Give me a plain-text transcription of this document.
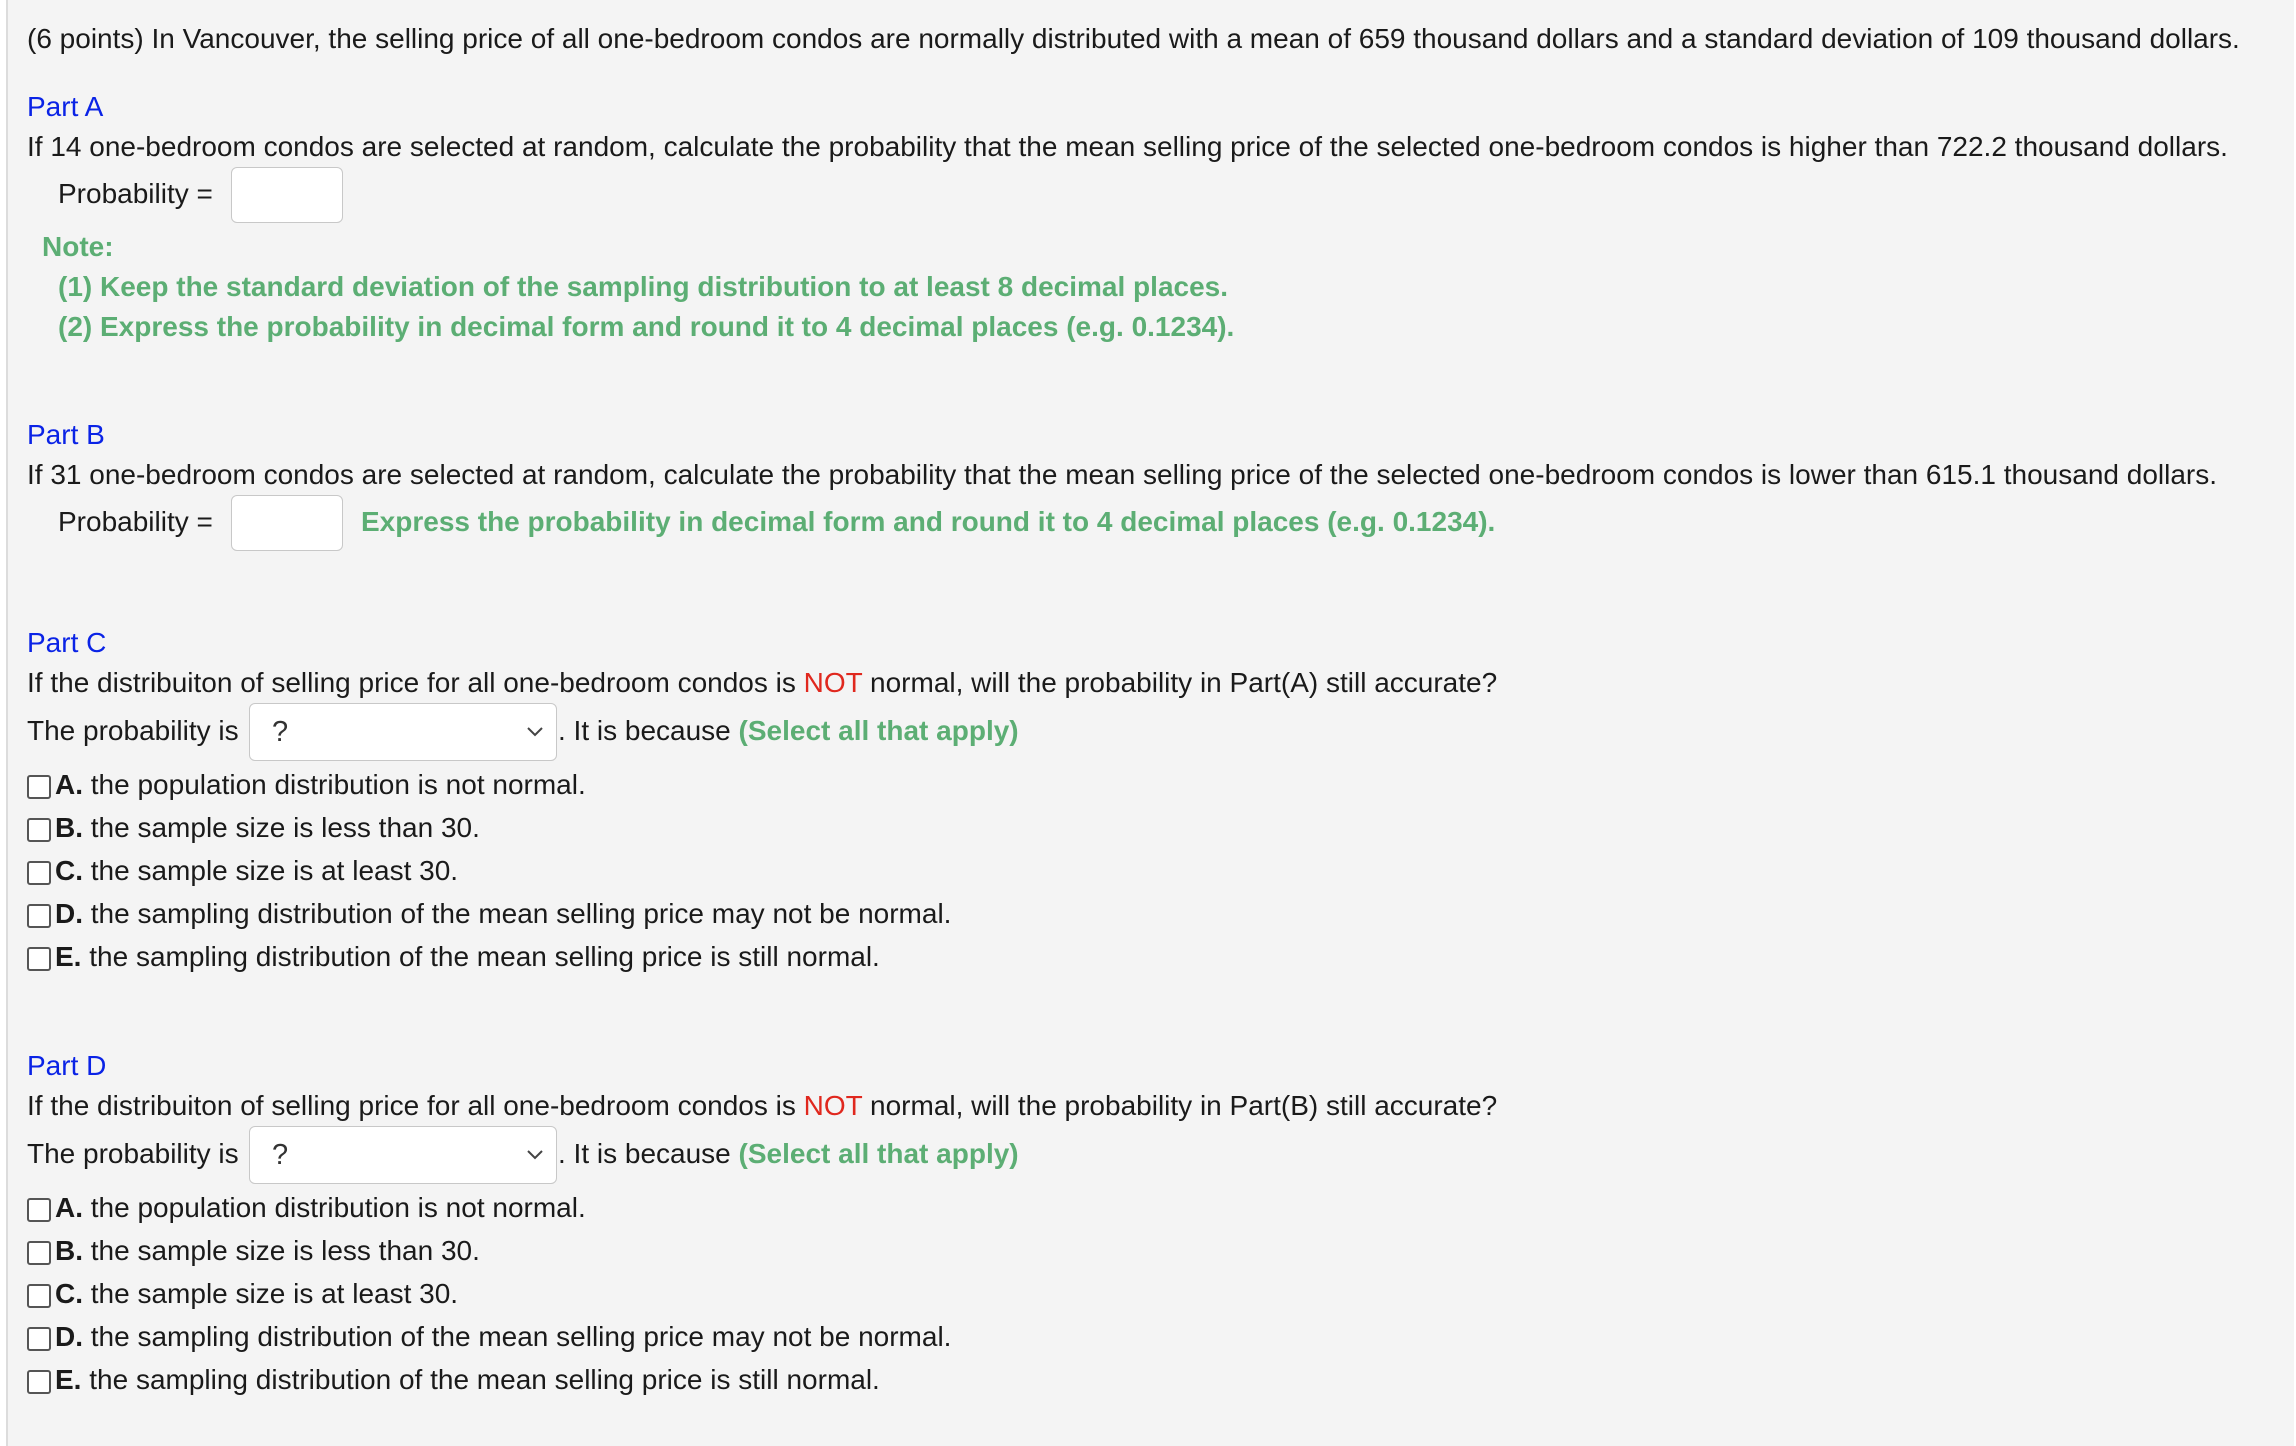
(6 points) In Vancouver, the selling price of all one-bedroom condos are normally distributed with a mean of 659 thousand dollars and a standard deviation of 109 thousand dollars.
Part A
If 14 one-bedroom condos are selected at random, calculate the probability that the mean selling price of the selected one-bedroom condos is higher than 722.2 thousand dollars.
Probability =
Note:
(1) Keep the standard deviation of the sampling distribution to at least 8 decimal places.
(2) Express the probability in decimal form and round it to 4 decimal places (e.g. 0.1234).
Part B
If 31 one-bedroom condos are selected at random, calculate the probability that the mean selling price of the selected one-bedroom condos is lower than 615.1 thousand dollars.
Probability =	Express the probability in decimal form and round it to 4 decimal places (e.g. 0.1234).
Part C
If the distribuiton of selling price for all one-bedroom condos is NOT normal, will the probability in Part(A) still accurate?
The probability is ?	. It is because (Select all that apply)
A. the population distribution is not normal.
B. the sample size is less than 30.
C. the sample size is at least 30.
D. the sampling distribution of the mean selling price may not be normal.
E. the sampling distribution of the mean selling price is still normal.
Part D
If the distribuiton of selling price for all one-bedroom condos is NOT normal, will the probability in Part(B) still accurate?
The probability is ?	. It is because (Select all that apply)
A. the population distribution is not normal.
B. the sample size is less than 30.
C. the sample size is at least 30.
D. the sampling distribution of the mean selling price may not be normal.
E. the sampling distribution of the mean selling price is still normal.
